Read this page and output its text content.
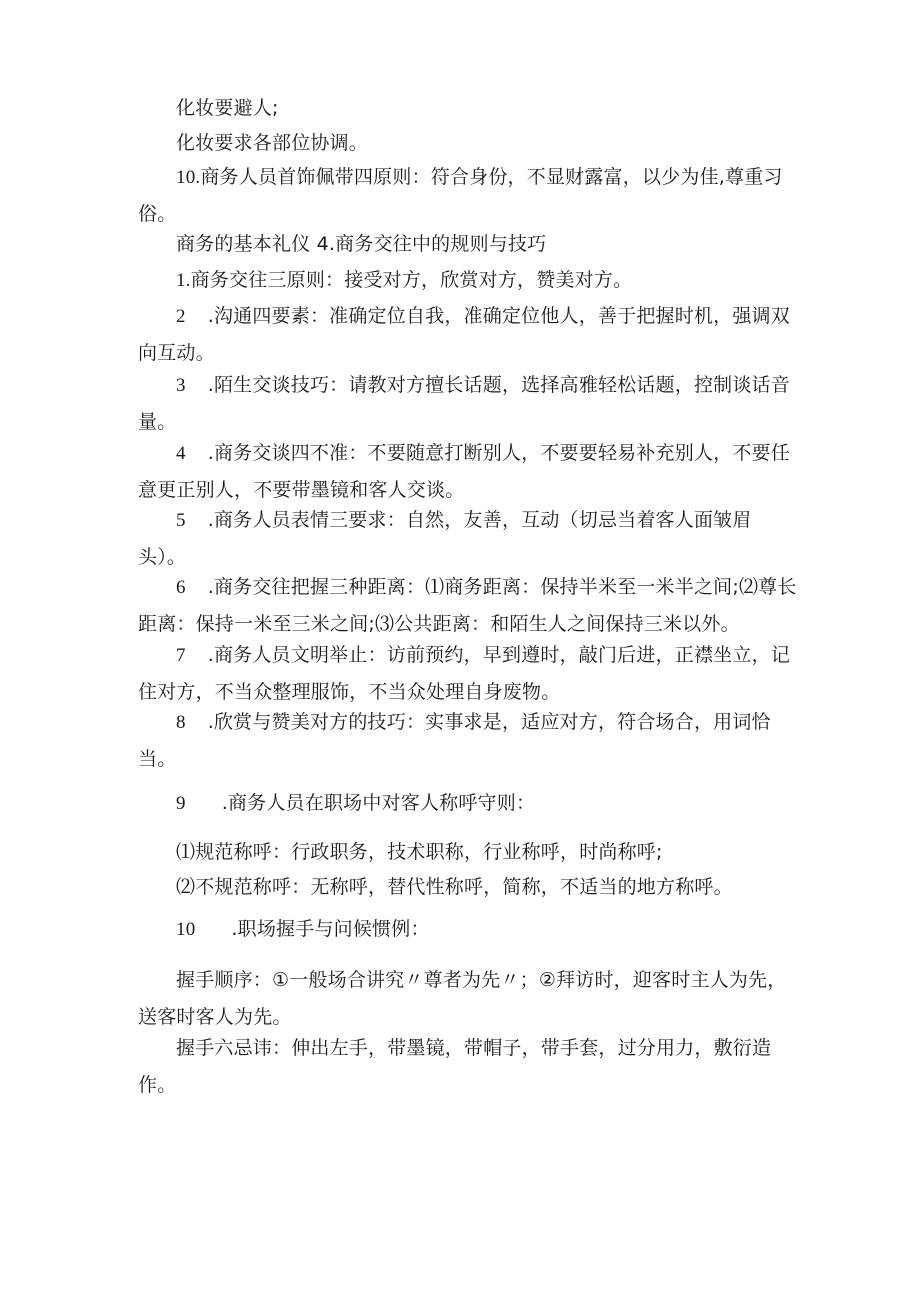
化妆要避人;
化妆要求各部位协调。
10.商务人员首饰佩带四原则：符合身份，不显财露富，以少为佳,尊重习俗。
商务的基本礼仪 4.商务交往中的规则与技巧
1.商务交往三原则：接受对方，欣赏对方，赞美对方。
2 .沟通四要素：准确定位自我，准确定位他人，善于把握时机，强调双向互动。
3 .陌生交谈技巧：请教对方擅长话题，选择高雅轻松话题，控制谈话音量。
4 .商务交谈四不准：不要随意打断别人，不要要轻易补充别人，不要任意更正别人，不要带墨镜和客人交谈。
5 .商务人员表情三要求：自然，友善，互动（切忌当着客人面皱眉头）。
6 .商务交往把握三种距离：⑴商务距离：保持半米至一米半之间;⑵尊长距离：保持一米至三米之间;⑶公共距离：和陌生人之间保持三米以外。
7 .商务人员文明举止：访前预约，早到遵时，敲门后进，正襟坐立，记住对方，不当众整理服饰，不当众处理自身废物。
8 .欣赏与赞美对方的技巧：实事求是，适应对方，符合场合，用词恰当。
9 .商务人员在职场中对客人称呼守则：
⑴规范称呼：行政职务，技术职称，行业称呼，时尚称呼;
⑵不规范称呼：无称呼，替代性称呼，简称，不适当的地方称呼。
10 .职场握手与问候惯例：
握手顺序：①一般场合讲究〃尊者为先〃；②拜访时，迎客时主人为先，送客时客人为先。
握手六忌讳：伸出左手，带墨镜，带帽子，带手套，过分用力，敷衍造作。
